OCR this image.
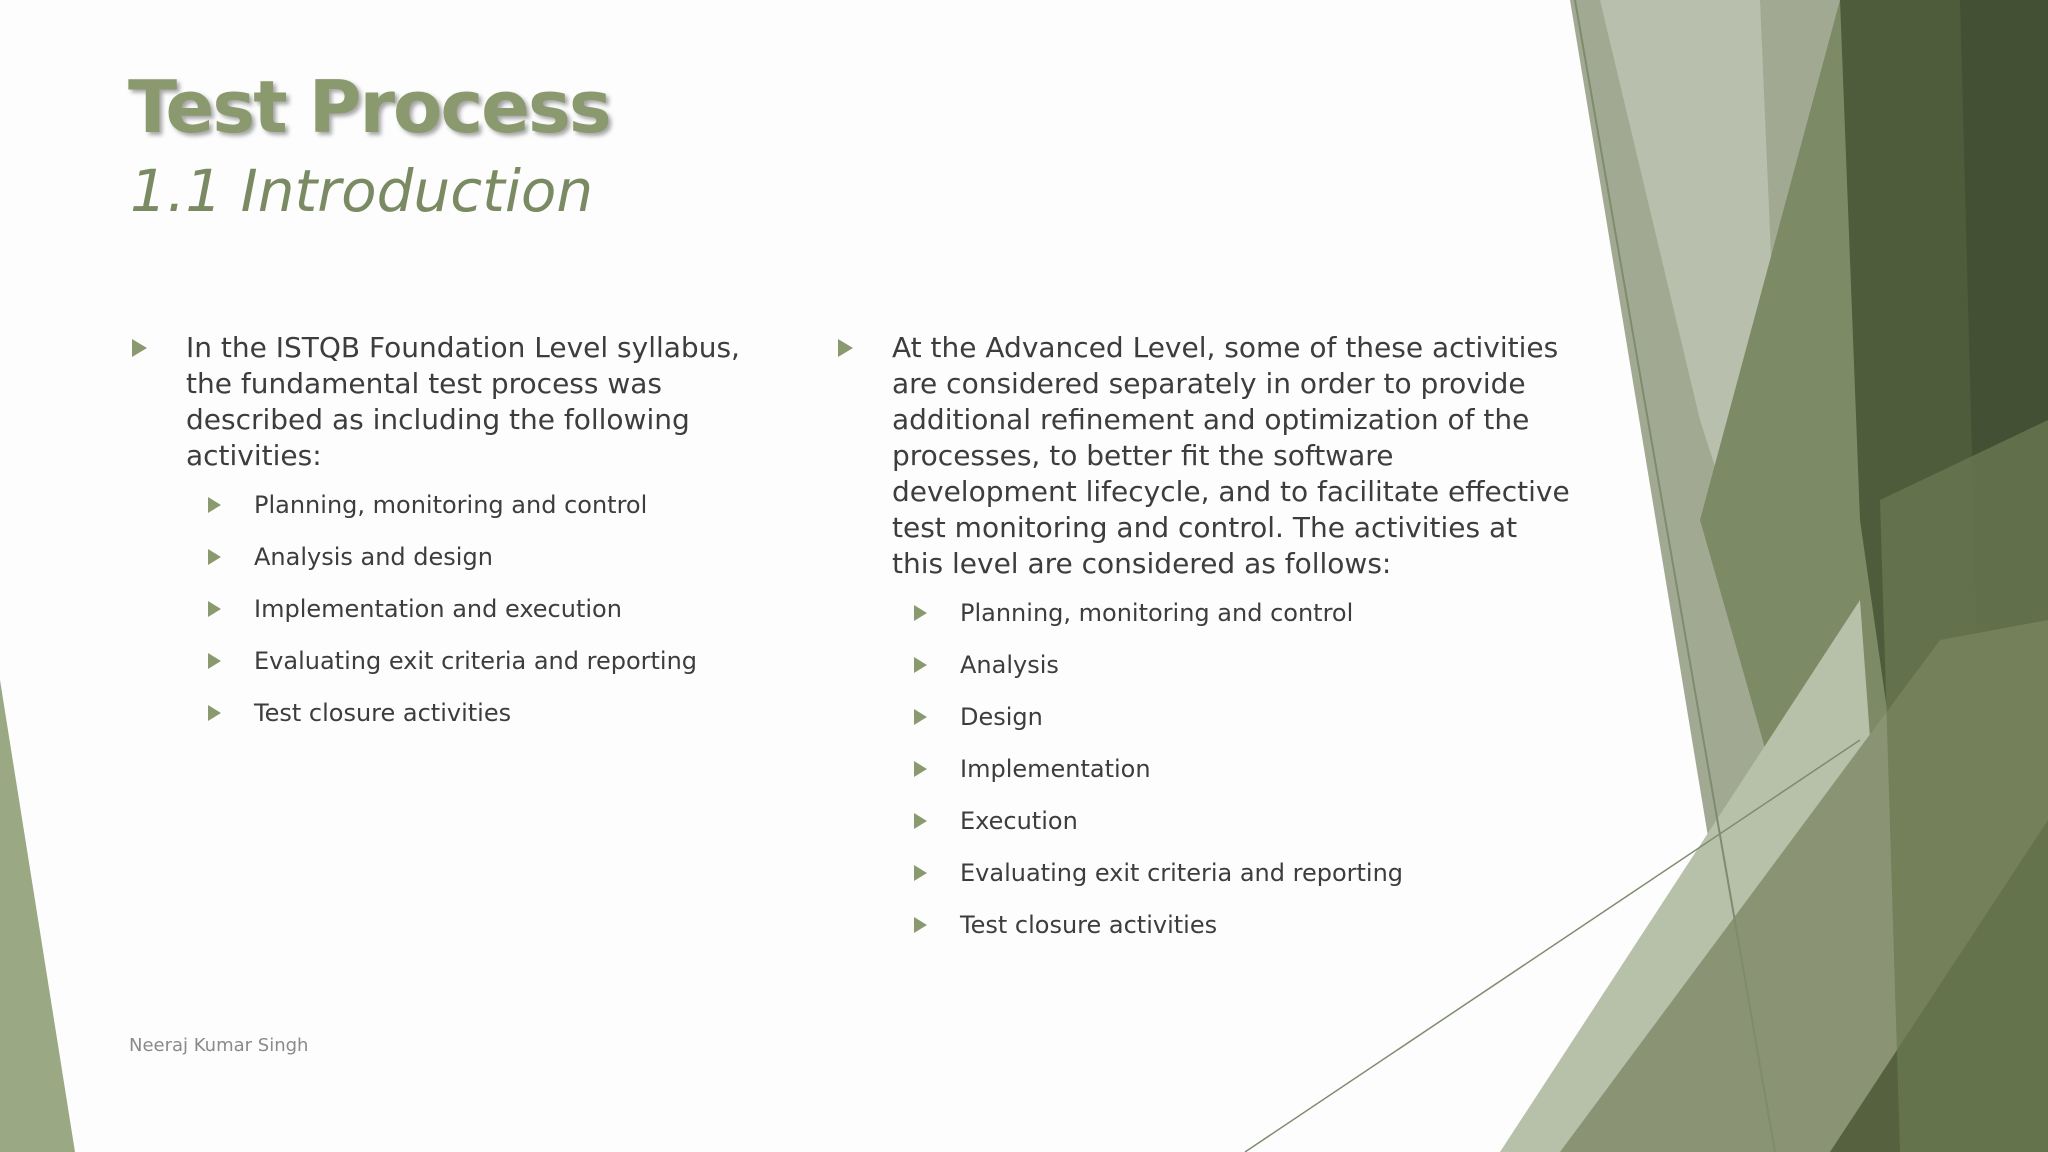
Test Process
1.1 Introduction
In the ISTQB Foundation Level syllabus, the fundamental test process was described as including the following activities:
Planning, monitoring and control
Analysis and design
Implementation and execution
Evaluating exit criteria and reporting
Test closure activities
At the Advanced Level, some of these activities are considered separately in order to provide additional refinement and optimization of the processes, to better fit the software development lifecycle, and to facilitate effective test monitoring and control. The activities at this level are considered as follows:
Planning, monitoring and control
Analysis
Design
Implementation
Execution
Evaluating exit criteria and reporting
Test closure activities
Neeraj Kumar Singh
